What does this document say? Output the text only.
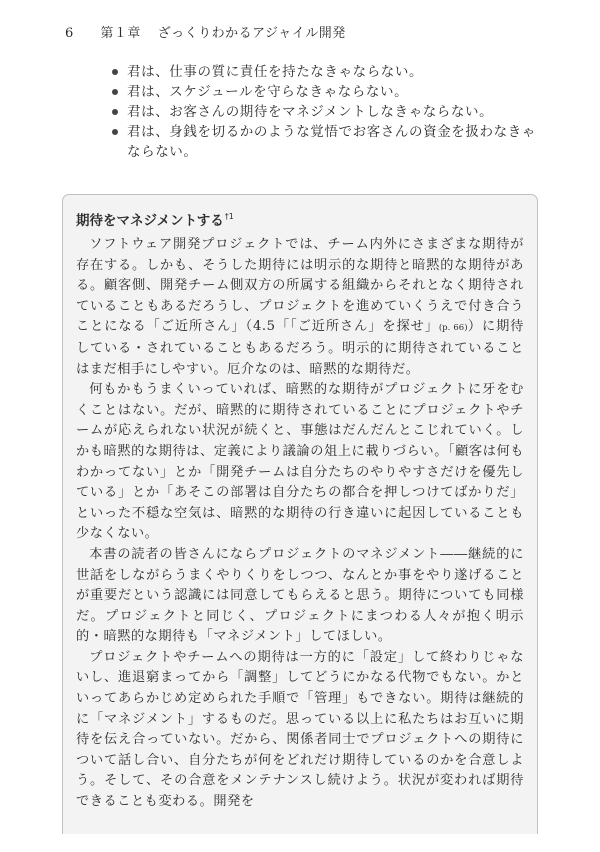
6 第１章 ざっくりわかるアジャイル開発
君は、仕事の質に責任を持たなきゃならない。
君は、スケジュールを守らなきゃならない。
君は、お客さんの期待をマネジメントしなきゃならない。
君は、身銭を切るかのような覚悟でお客さんの資金を扱わなきゃならない。
期待をマネジメントする$^{\dagger 1}$

ソフトウェア開発プロジェクトでは、チーム内外にさまざまな期待が存在する。しかも、そうした期待には明示的な期待と暗黙的な期待がある。顧客側、開発チーム側双方の所属する組織からそれとなく期待されていることもあるだろうし、プロジェクトを進めていくうえで付き合うことになる「ご近所さん」（4.5「「ご近所さん」を探せ」(p. 66)）に期待している・されていることもあるだろう。明示的に期待されていることはまだ相手にしやすい。厄介なのは、暗黙的な期待だ。

何もかもうまくいっていれば、暗黙的な期待がプロジェクトに牙をむくことはない。だが、暗黙的に期待されていることにプロジェクトやチームが応えられない状況が続くと、事態はだんだんとこじれていく。しかも暗黙的な期待は、定義により議論の俎上に載りづらい。「顧客は何もわかってない」とか「開発チームは自分たちのやりやすさだけを優先している」とか「あそこの部署は自分たちの都合を押しつけてばかりだ」といった不穏な空気は、暗黙的な期待の行き違いに起因していることも少なくない。

本書の読者の皆さんにならプロジェクトのマネジメント――継続的に世話をしながらうまくやりくりをしつつ、なんとか事をやり遂げることが重要だという認識には同意してもらえると思う。期待についても同様だ。プロジェクトと同じく、プロジェクトにまつわる人々が抱く明示的・暗黙的な期待も「マネジメント」してほしい。

プロジェクトやチームへの期待は一方的に「設定」して終わりじゃないし、進退窮まってから「調整」してどうにかなる代物でもない。かといってあらかじめ定められた手順で「管理」もできない。期待は継続的に「マネジメント」するものだ。思っている以上に私たちはお互いに期待を伝え合っていない。だから、関係者同士でプロジェクトへの期待について話し合い、自分たちが何をどれだけ期待しているのかを合意しよう。そして、その合意をメンテナンスし続けよう。状況が変われば期待できることも変わる。開発を
